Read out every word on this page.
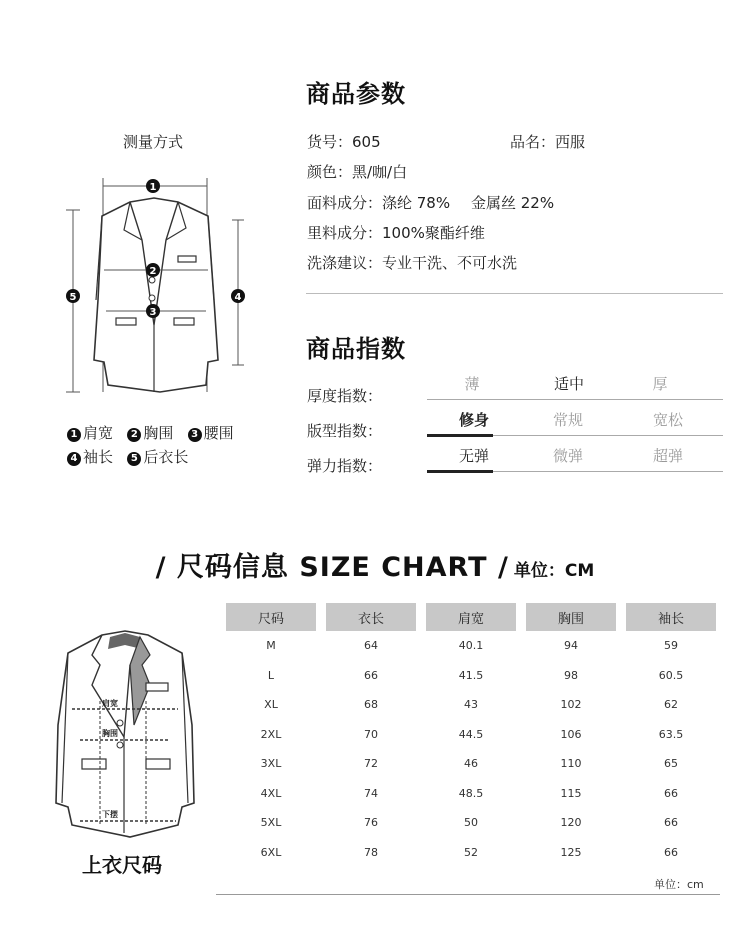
测量方式
1
2
3
4
5
1 肩宽 2 胸围 3 腰围
4 袖长 5 后衣长
商品参数
货号：605	品名：西服
颜色：黑/咖/白
面料成分：涤纶 78% 金属丝 22%
里料成分：100%聚酯纤维
洗涤建议：专业干洗、不可水洗
商品指数
厚度指数：
薄	适中	厚
版型指数：
修身	常规	宽松
弹力指数：
无弹	微弹	超弹
/ 尺码信息 SIZE CHART / 单位：CM
肩宽
胸围
下摆
上衣尺码
尺码	衣长	肩宽	胸围	袖长
M	64	40.1	94	59
L	66	41.5	98	60.5
XL	68	43	102	62
2XL	70	44.5	106	63.5
3XL	72	46	110	65
4XL	74	48.5	115	66
5XL	76	50	120	66
6XL	78	52	125	66
单位：cm
